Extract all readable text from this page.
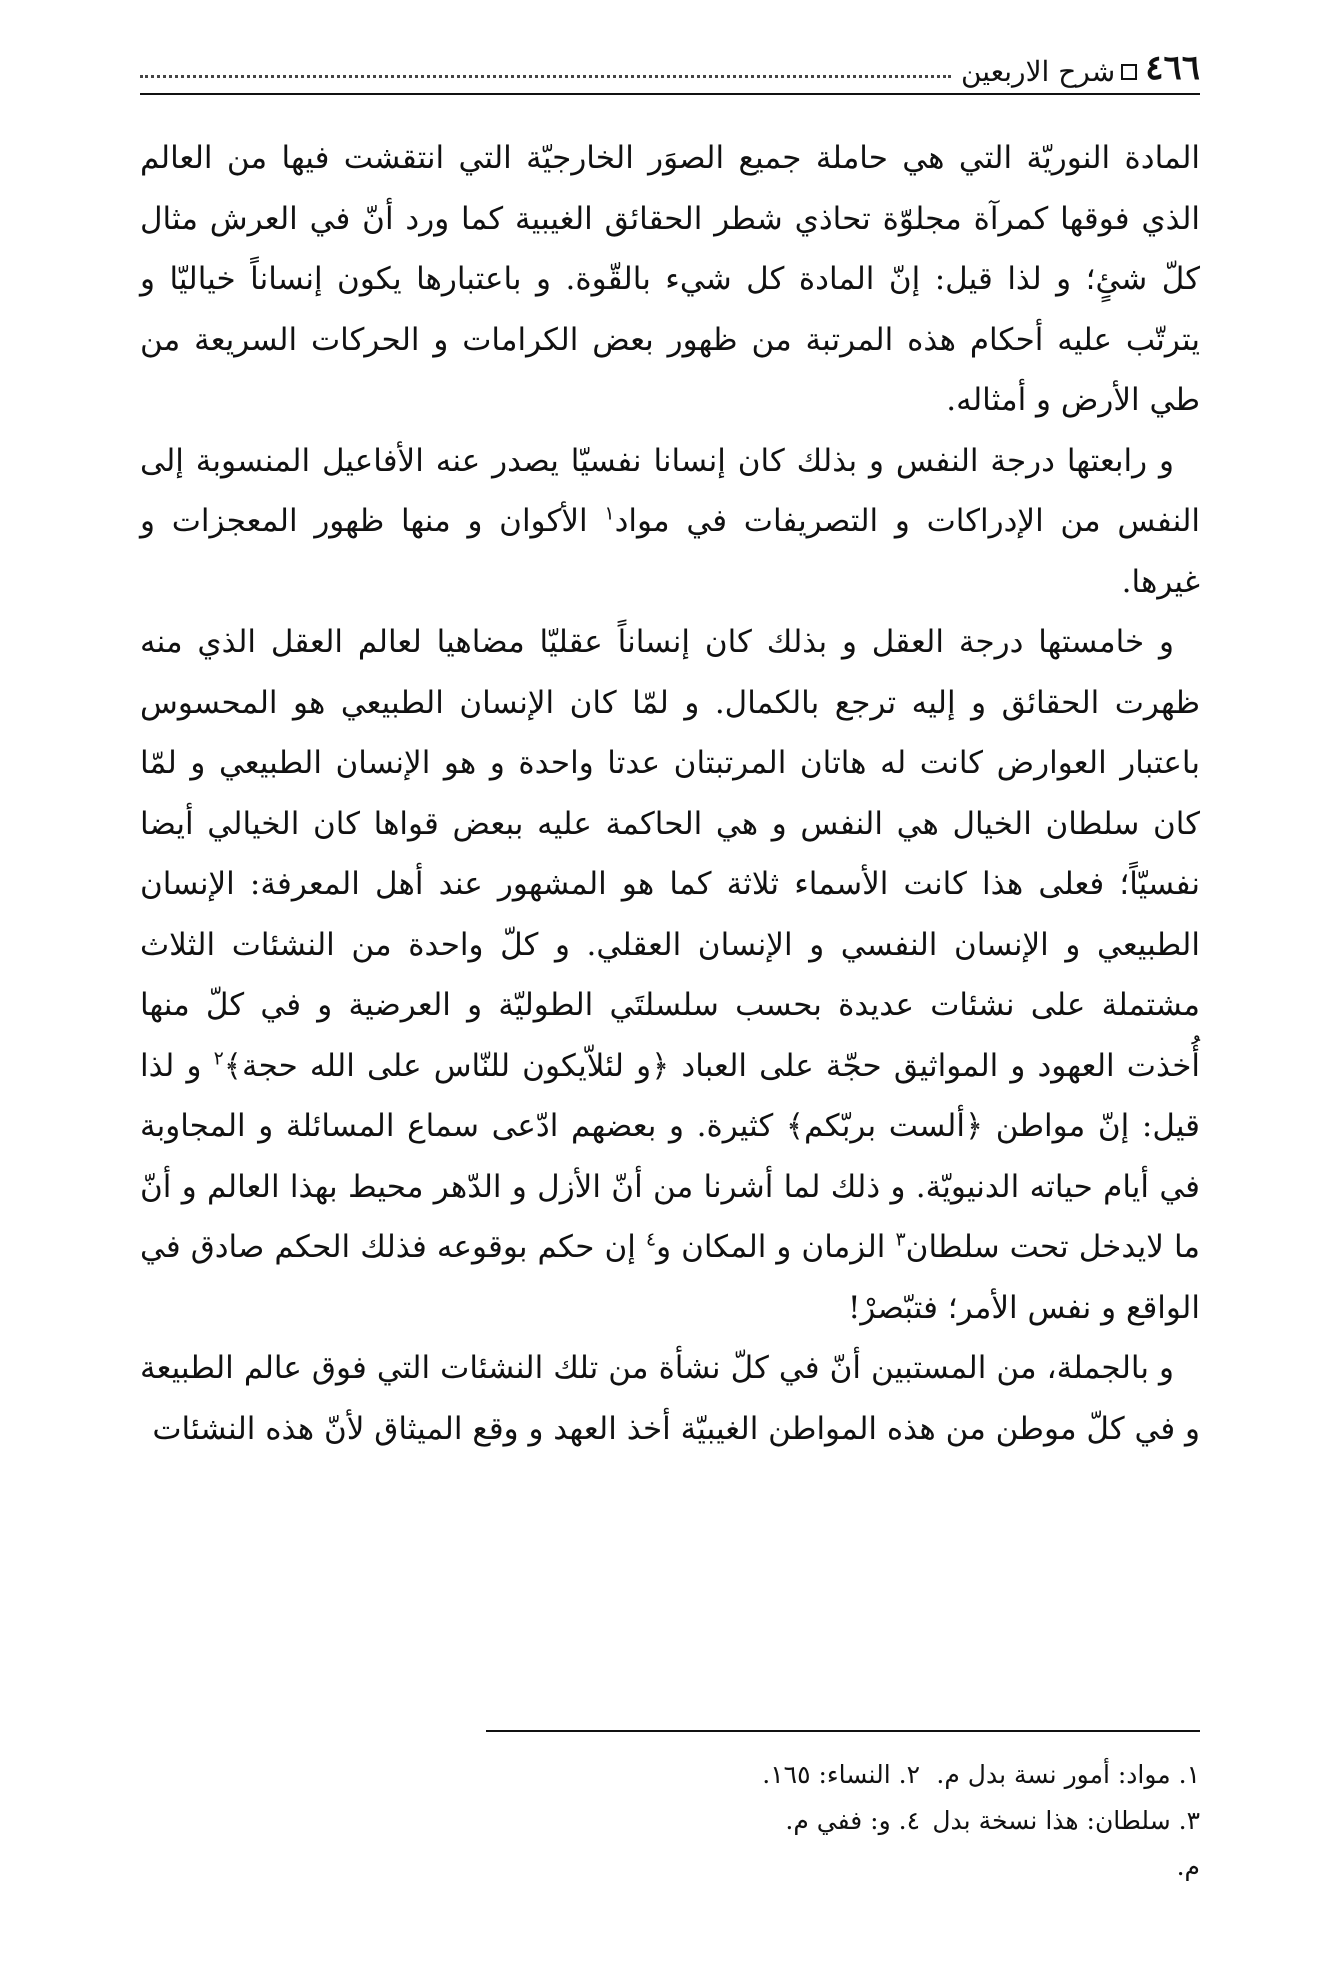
٤٦٦
شرح الاربعين

المادة النوريّة التي هي حاملة جميع الصوَر الخارجيّة التي انتقشت فيها من العالم الذي فوقها كمرآة مجلوّة تحاذي شطر الحقائق الغيبية كما ورد أنّ في العرش مثال كلّ شئٍ؛ و لذا قيل: إنّ المادة كل شيء بالقّوة. و باعتبارها يكون إنساناً خياليّا و يترتّب عليه أحكام هذه المرتبة من ظهور بعض الكرامات و الحركات السريعة من طي الأرض و أمثاله.

و رابعتها درجة النفس و بذلك كان إنسانا نفسيّا يصدر عنه الأفاعيل المنسوبة إلى النفس من الإدراكات و التصريفات في مواد$^١$ الأكوان و منها ظهور المعجزات و غيرها.

و خامستها درجة العقل و بذلك كان إنساناً عقليّا مضاهيا لعالم العقل الذي منه ظهرت الحقائق و إليه ترجع بالكمال. و لمّا كان الإنسان الطبيعي هو المحسوس باعتبار العوارض كانت له هاتان المرتبتان عدتا واحدة و هو الإنسان الطبيعي و لمّا كان سلطان الخيال هي النفس و هي الحاكمة عليه ببعض قواها كان الخيالي أيضا نفسيّاً؛ فعلى هذا كانت الأسماء ثلاثة كما هو المشهور عند أهل المعرفة: الإنسان الطبيعي و الإنسان النفسي و الإنسان العقلي. و كلّ واحدة من النشئات الثلاث مشتملة على نشئات عديدة بحسب سلسلتَي الطوليّة و العرضية و في كلّ منها أُخذت العهود و المواثيق حجّة على العباد ﴿و لئلاّيكون للنّاس على الله حجة﴾$^٢$ و لذا قيل: إنّ مواطن ﴿ألست بربّكم﴾ كثيرة. و بعضهم ادّعى سماع المسائلة و المجاوبة في أيام حياته الدنيويّة. و ذلك لما أشرنا من أنّ الأزل و الدّهر محيط بهذا العالم و أنّ ما لايدخل تحت سلطان$^٣$ الزمان و المكان و$^٤$ إن حكم بوقوعه فذلك الحكم صادق في الواقع و نفس الأمر؛ فتبّصرْ!

و بالجملة، من المستبين أنّ في كلّ نشأة من تلك النشئات التي فوق عالم الطبيعة و في كلّ موطن من هذه المواطن الغيبيّة أخذ العهد و وقع الميثاق لأنّ هذه النشئات

١. مواد: أمور نسة بدل م.
٢. النساء: ١٦٥.
٣. سلطان: هذا نسخة بدل م.
٤. و: ففي م.
